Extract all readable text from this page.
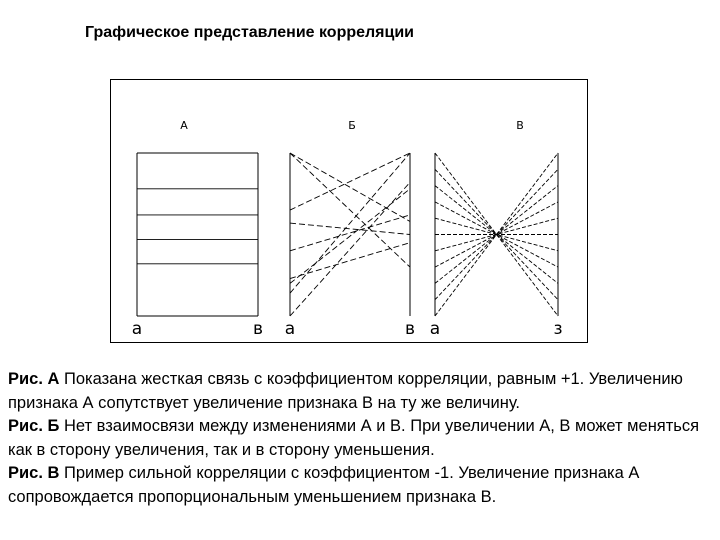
Графическое представление корреляции
А
а	в
Б
а	в
В
а	з

Рис. А Показана жесткая связь с коэффициентом корреляции, равным +1. Увеличению признака А сопутствует увеличение признака В на ту же величину.

Рис. Б Нет взаимосвязи между изменениями А и В. При увеличении А, В может меняться как в сторону увеличения, так и в сторону уменьшения.

Рис. В Пример сильной корреляции с коэффициентом -1. Увеличение признака А сопровождается пропорциональным уменьшением признака В.
